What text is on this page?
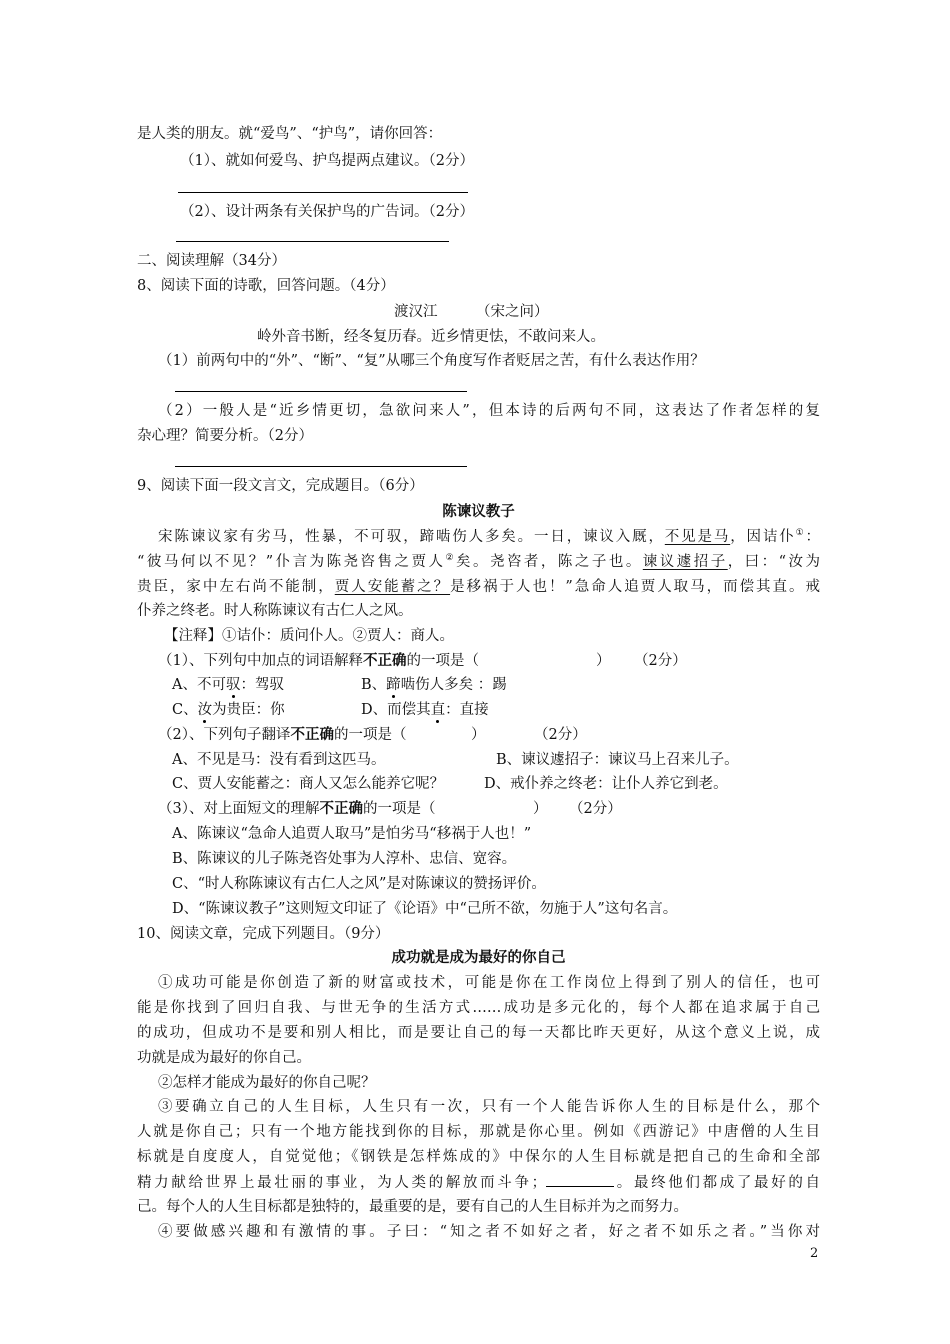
是人类的朋友。就“爱鸟”、“护鸟”，请你回答：
（1）、就如何爱鸟、护鸟提两点建议。（2分）
（2）、设计两条有关保护鸟的广告词。（2分）
二、阅读理解（34分）
8、阅读下面的诗歌，回答问题。（4分）
渡汉江	（宋之问）
岭外音书断，经冬复历春。近乡情更怯，不敢问来人。
（1）前两句中的“外”、“断”、“复”从哪三个角度写作者贬居之苦，有什么表达作用？
（2）一般人是“近乡情更切，急欲问来人”，但本诗的后两句不同，这表达了作者怎样的复
杂心理？简要分析。（2分）
9、阅读下面一段文言文，完成题目。（6分）
陈谏议教子
宋陈谏议家有劣马，性暴，不可驭，蹄啮伤人多矣。一日，谏议入厩，不见是马，因诘仆①：
“彼马何以不见？”仆言为陈尧咨售之贾人②矣。尧咨者，陈之子也。谏议遽招子，曰：“汝为
贵臣，家中左右尚不能制，贾人安能蓄之？是移祸于人也！”急命人追贾人取马，而偿其直。戒
仆养之终老。时人称陈谏议有古仁人之风。
【注释】①诘仆：质问仆人。②贾人：商人。
（1）、下列句中加点的词语解释不正确的一项是（	） （2分）
A、不可驭：驾驭	B、蹄啮伤人多矣 ：踢
C、汝为贵臣：你	D、而偿其直：直接
（2）、下列句子翻译不正确的一项是（	）	（2分）
A、不见是马：没有看到这匹马。	B、谏议遽招子：谏议马上召来儿子。
C、贾人安能蓄之：商人又怎么能养它呢？	D、戒仆养之终老：让仆人养它到老。
（3）、对上面短文的理解不正确的一项是（	） （2分）
A、陈谏议“急命人追贾人取马”是怕劣马“移祸于人也！”
B、陈谏议的儿子陈尧咨处事为人淳朴、忠信、宽容。
C、“时人称陈谏议有古仁人之风”是对陈谏议的赞扬评价。
D、“陈谏议教子”这则短文印证了《论语》中“己所不欲，勿施于人”这句名言。
10、阅读文章，完成下列题目。（9分）
成功就是成为最好的你自己
①成功可能是你创造了新的财富或技术，可能是你在工作岗位上得到了别人的信任，也可
能是你找到了回归自我、与世无争的生活方式……成功是多元化的，每个人都在追求属于自己
的成功，但成功不是要和别人相比，而是要让自己的每一天都比昨天更好，从这个意义上说，成
功就是成为最好的你自己。
②怎样才能成为最好的你自己呢？
③要确立自己的人生目标，人生只有一次，只有一个人能告诉你人生的目标是什么，那个
人就是你自己；只有一个地方能找到你的目标，那就是你心里。例如《西游记》中唐僧的人生目
标就是自度度人，自觉觉他；《钢铁是怎样炼成的》中保尔的人生目标就是把自己的生命和全部
精力献给世界上最壮丽的事业，为人类的解放而斗争；	。最终他们都成了最好的自
己。每个人的人生目标都是独特的，最重要的是，要有自己的人生目标并为之而努力。
④要做感兴趣和有激情的事。子曰：“知之者不如好之者，好之者不如乐之者。”当你对
2
